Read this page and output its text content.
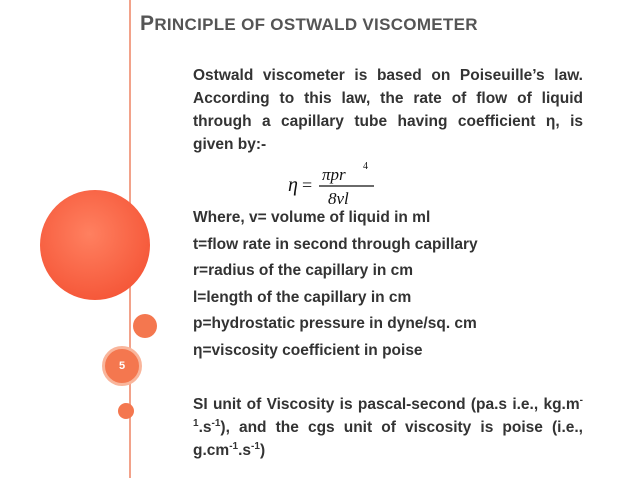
5
PRINCIPLE OF OSTWALD VISCOMETER
Ostwald viscometer is based on Poiseuille’s law. According to this law, the rate of flow of liquid through a capillary tube having coefficient η, is given by:-
η =
πpr 4
8vl
Where, v= volume of liquid in ml
t=flow rate in second through capillary
r=radius of the capillary in cm
l=length of the capillary in cm
p=hydrostatic pressure in dyne/sq. cm
η=viscosity coefficient in poise
SI unit of Viscosity is pascal-second (pa.s i.e., $kg.m^{-1}.s^{-1}$), and the cgs unit of viscosity is poise (i.e., $g.cm^{-1}.s^{-1}$)
